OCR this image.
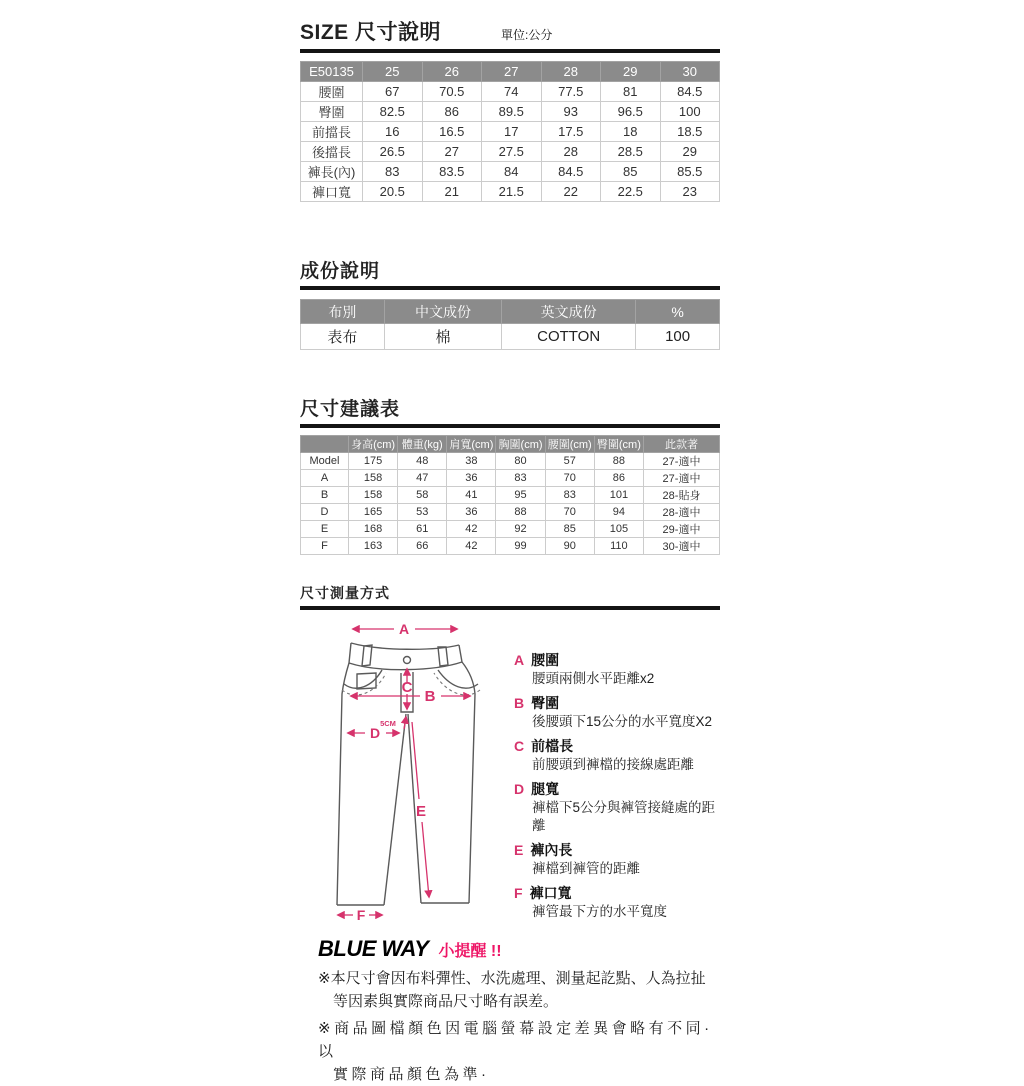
SIZE 尺寸說明	單位:公分
E50135	25	26	27	28	29	30
腰圍	67	70.5	74	77.5	81	84.5
臀圍	82.5	86	89.5	93	96.5	100
前擋長	16	16.5	17	17.5	18	18.5
後擋長	26.5	27	27.5	28	28.5	29
褲長(內)	83	83.5	84	84.5	85	85.5
褲口寬	20.5	21	21.5	22	22.5	23
成份說明
布別	中文成份	英文成份	%
表布	棉	COTTON	100
尺寸建議表
	身高(cm)	體重(kg)	肩寬(cm)	胸圍(cm)	腰圍(cm)	臀圍(cm)	此款著
Model	175	48	38	80	57	88	27-適中
A	158	47	36	83	70	86	27-適中
B	158	58	41	95	83	101	28-貼身
D	165	53	36	88	70	94	28-適中
E	168	61	42	92	85	105	29-適中
F	163	66	42	99	90	110	30-適中
尺寸測量方式
A
C
B
5CM
D
E
F
A 腰圍
腰頭兩側水平距離x2
B 臀圍
後腰頭下15公分的水平寬度X2
C 前檔長
前腰頭到褲檔的接線處距離
D 腿寬
褲檔下5公分與褲管接縫處的距離
E 褲內長
褲檔到褲管的距離
F 褲口寬
褲管最下方的水平寬度
BLUE WAY 小提醒 !!
※本尺寸會因布料彈性、水洗處理、測量起訖點、人為拉扯
等因素與實際商品尺寸略有誤差。
※商品圖檔顏色因電腦螢幕設定差異會略有不同·以
實際商品顏色為準·
